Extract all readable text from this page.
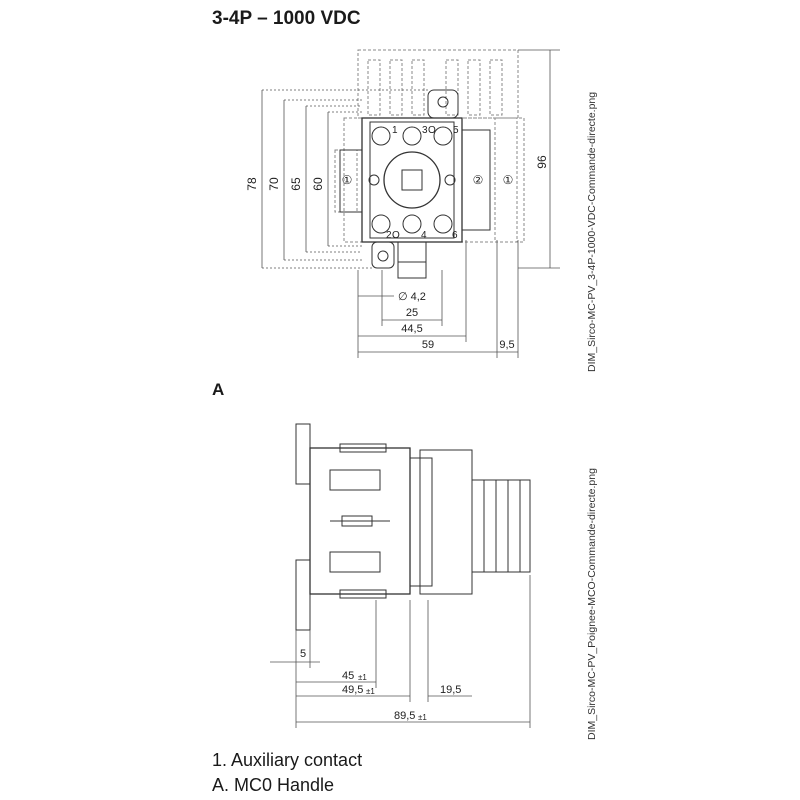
3-4P – 1000 VDC
A
1. Auxiliary contact
A. MC0 Handle
DIM_Sirco-MC-PV_3-4P-1000-VDC-Commande-directe.png
DIM_Sirco-MC-PV_Poignee-MCO-Commande-directe.png
78 70 65 60
96
①	② ①
1 3	5
2	4	6
O
O
∅ 4,2
25
44,5
59	9,5
5
45 ±1
49,5 ±1	19,5
89,5 ±1
